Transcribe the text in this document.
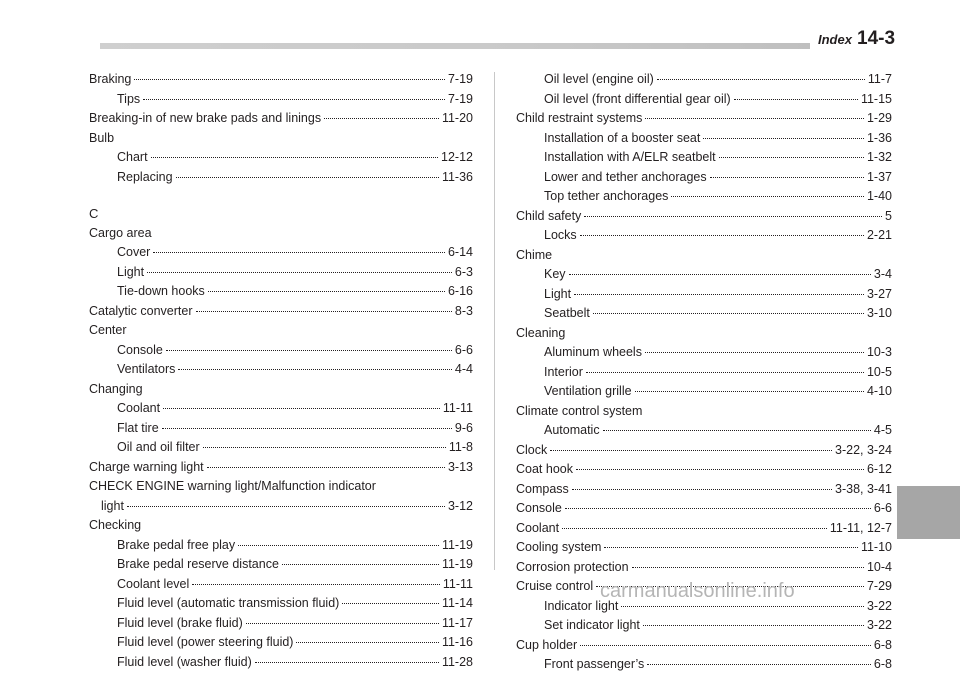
Index 14-3
Braking	7-19
Tips	7-19
Breaking-in of new brake pads and linings	11-20
Bulb
Chart	12-12
Replacing	11-36
C
Cargo area
Cover	6-14
Light	6-3
Tie-down hooks	6-16
Catalytic converter	8-3
Center
Console	6-6
Ventilators	4-4
Changing
Coolant	11-11
Flat tire	9-6
Oil and oil filter	11-8
Charge warning light	3-13
CHECK ENGINE warning light/Malfunction indicator
light	3-12
Checking
Brake pedal free play	11-19
Brake pedal reserve distance	11-19
Coolant level	11-11
Fluid level (automatic transmission fluid)	11-14
Fluid level (brake fluid)	11-17
Fluid level (power steering fluid)	11-16
Fluid level (washer fluid)	11-28
Oil level (engine oil)	11-7
Oil level (front differential gear oil)	11-15
Child restraint systems	1-29
Installation of a booster seat	1-36
Installation with A/ELR seatbelt	1-32
Lower and tether anchorages	1-37
Top tether anchorages	1-40
Child safety	5
Locks	2-21
Chime
Key	3-4
Light	3-27
Seatbelt	3-10
Cleaning
Aluminum wheels	10-3
Interior	10-5
Ventilation grille	4-10
Climate control system
Automatic	4-5
Clock	3-22, 3-24
Coat hook	6-12
Compass	3-38, 3-41
Console	6-6
Coolant	11-11, 12-7
Cooling system	11-10
Corrosion protection	10-4
Cruise control	7-29
Indicator light	3-22
Set indicator light	3-22
Cup holder	6-8
Front passenger’s	6-8
carmanualsonline.info
